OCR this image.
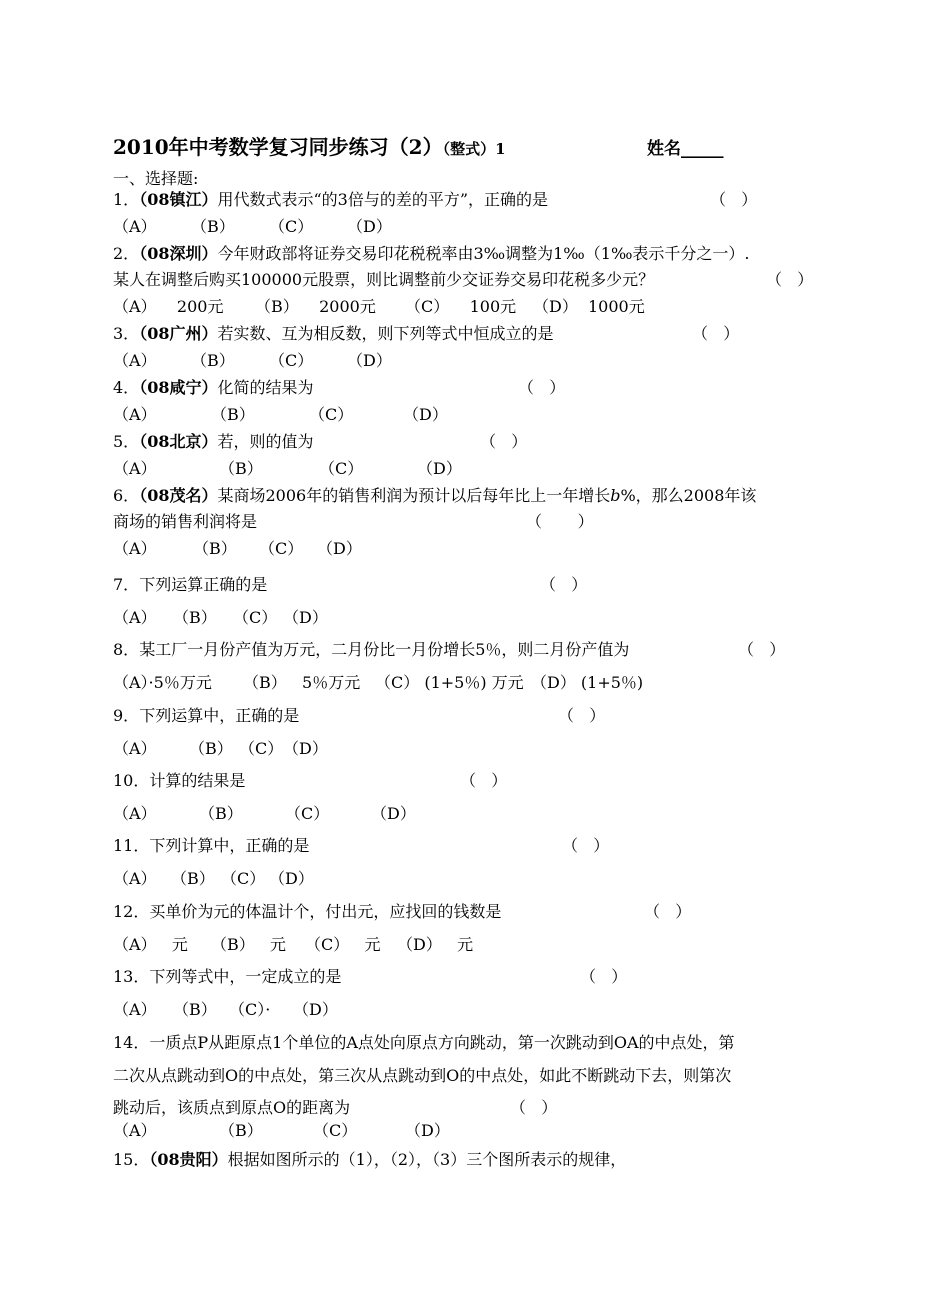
2010年中考数学复习同步练习（2）（整式）1	姓名_____
一、选择题:
1．（08镇江）用代数式表示“的3倍与的差的平方”，正确的是	（   ）
（A） （B） （C） （D）
2．（08深圳）今年财政部将证券交易印花税税率由3‰调整为1‰（1‰表示千分之一）.
某人在调整后购买100000元股票，则比调整前少交证券交易印花税多少元？	（   ）
（A）    200元 （B）    2000元 （C）    100元 （D）  1000元
3．（08广州）若实数、互为相反数，则下列等式中恒成立的是	（   ）
（A） （B） （C） （D）
4．（08咸宁）化简的结果为	（   ）
（A）	（B）	（C）	（D）
5．（08北京）若，则的值为	（   ）
（A）	（B）	（C）	（D）
6．（08茂名）某商场2006年的销售利润为预计以后每年比上一年增长b%，那么2008年该
商场的销售利润将是	（       ）
（A） （B） （C） （D）
7．下列运算正确的是	（   ）
（A） （B） （C） （D）
8．某工厂一月份产值为万元，二月份比一月份增长5％，则二月份产值为	（   ）
（A）·5％万元 （B）   5％万元 （C） (1+5％) 万元 （D） (1+5％)
9．下列运算中，正确的是	（   ）
（A） （B） （C） （D）
10．计算的结果是	（   ）
（A）	（B）	（C）	（D）
11．下列计算中，正确的是	（   ）
（A） （B） （C） （D）
12．买单价为元的体温计个，付出元，应找回的钱数是	（   ）
（A）   元 （B）   元 （C）   元 （D）   元
13．下列等式中，一定成立的是	（   ）
（A） （B） （C）· （D）
14．一质点P从距原点1个单位的A点处向原点方向跳动，第一次跳动到OA的中点处，第
二次从点跳动到O的中点处，第三次从点跳动到O的中点处，如此不断跳动下去，则第次
跳动后，该质点到原点O的距离为	（   ）
（A）	（B）	（C）	（D）
15．（08贵阳）根据如图所示的（1），（2），（3）三个图所表示的规律，
